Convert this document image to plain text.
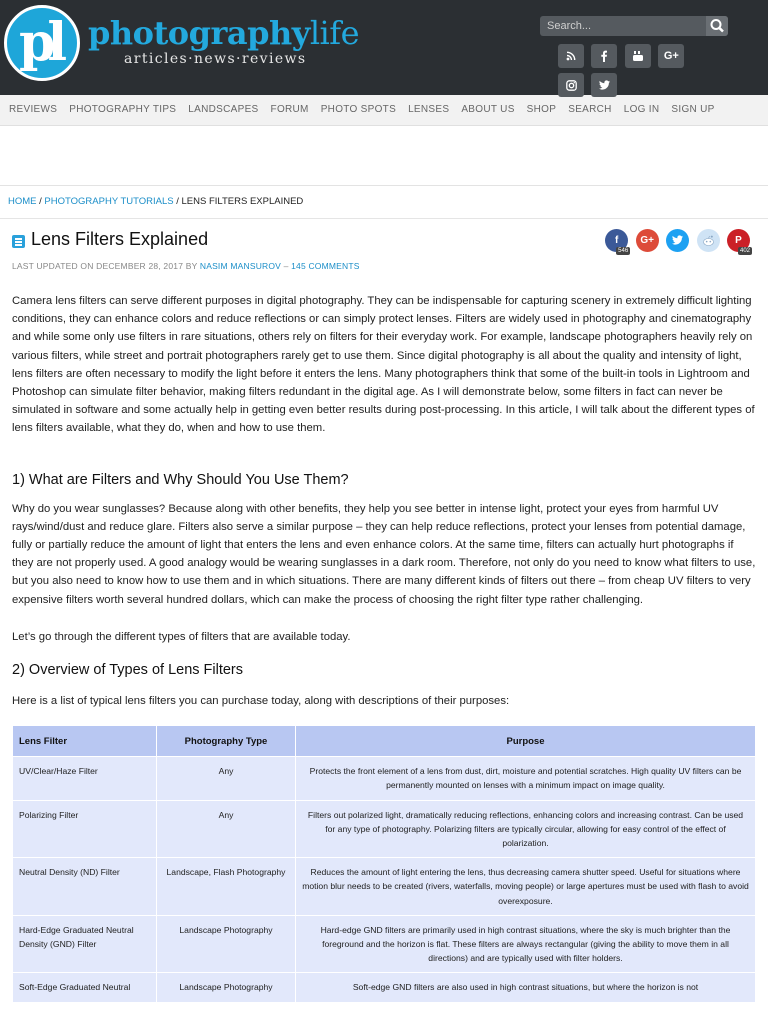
pl photographylife
articles·news·reviews
Search...	G+
REVIEWS PHOTOGRAPHY TIPS LANDSCAPES FORUM PHOTO SPOTS LENSES ABOUT US SHOP SEARCH LOG IN SIGN UP
HOME / PHOTOGRAPHY TUTORIALS / LENS FILTERS EXPLAINED
Lens Filters Explained	f
546
G+	P
402
LAST UPDATED ON DECEMBER 28, 2017 BY NASIM MANSUROV – 145 COMMENTS

Camera lens filters can serve different purposes in digital photography. They can be indispensable for capturing scenery in extremely difficult lighting conditions, they can enhance colors and reduce reflections or can simply protect lenses. Filters are widely used in photography and cinematography and while some only use filters in rare situations, others rely on filters for their everyday work. For example, landscape photographers heavily rely on various filters, while street and portrait photographers rarely get to use them. Since digital photography is all about the quality and intensity of light, lens filters are often necessary to modify the light before it enters the lens. Many photographers think that some of the built-in tools in Lightroom and Photoshop can simulate filter behavior, making filters redundant in the digital age. As I will demonstrate below, some filters in fact can never be simulated in software and some actually help in getting even better results during post-processing. In this article, I will talk about the different types of lens filters available, what they do, when and how to use them.

1) What are Filters and Why Should You Use Them?

Why do you wear sunglasses? Because along with other benefits, they help you see better in intense light, protect your eyes from harmful UV rays/wind/dust and reduce glare. Filters also serve a similar purpose – they can help reduce reflections, protect your lenses from potential damage, fully or partially reduce the amount of light that enters the lens and even enhance colors. At the same time, filters can actually hurt photographs if they are not properly used. A good analogy would be wearing sunglasses in a dark room. Therefore, not only do you need to know what filters to use, but you also need to know how to use them and in which situations. There are many different kinds of filters out there – from cheap UV filters to very expensive filters worth several hundred dollars, which can make the process of choosing the right filter type rather challenging.

Let’s go through the different types of filters that are available today.

2) Overview of Types of Lens Filters

Here is a list of typical lens filters you can purchase today, along with descriptions of their purposes:

Lens Filter	Photography Type	Purpose
UV/Clear/Haze Filter	Any	Protects the front element of a lens from dust, dirt, moisture and potential scratches. High quality UV filters can be permanently mounted on lenses with a minimum impact on image quality.
Polarizing Filter	Any	Filters out polarized light, dramatically reducing reflections, enhancing colors and increasing contrast. Can be used for any type of photography. Polarizing filters are typically circular, allowing for easy control of the effect of polarization.
Neutral Density (ND) Filter	Landscape, Flash Photography	Reduces the amount of light entering the lens, thus decreasing camera shutter speed. Useful for situations where motion blur needs to be created (rivers, waterfalls, moving people) or large apertures must be used with flash to avoid overexposure.
Hard-Edge Graduated Neutral Density (GND) Filter	Landscape Photography	Hard-edge GND filters are primarily used in high contrast situations, where the sky is much brighter than the foreground and the horizon is flat. These filters are always rectangular (giving the ability to move them in all directions) and are typically used with filter holders.
Soft-Edge Graduated Neutral	Landscape Photography	Soft-edge GND filters are also used in high contrast situations, but where the horizon is not
